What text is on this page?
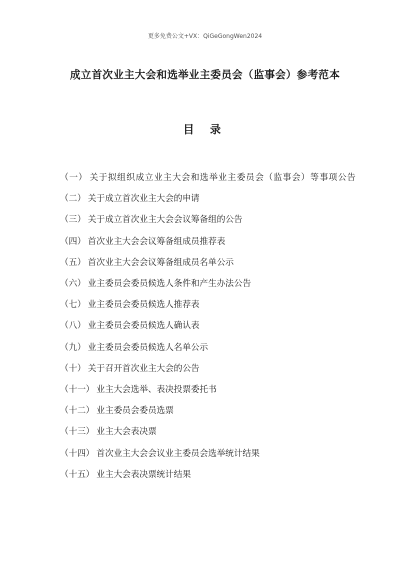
更多免费公文+VX：QiGeGongWen2024
成立首次业主大会和选举业主委员会（监事会）参考范本
目 录
（一） 关于拟组织成立业主大会和选举业主委员会（监事会）等事项公告
（二） 关于成立首次业主大会的申请
（三） 关于成立首次业主大会会议筹备组的公告
（四） 首次业主大会会议筹备组成员推荐表
（五） 首次业主大会会议筹备组成员名单公示
（六） 业主委员会委员候选人条件和产生办法公告
（七） 业主委员会委员候选人推荐表
（八） 业主委员会委员候选人确认表
（九） 业主委员会委员候选人名单公示
（十） 关于召开首次业主大会的公告
（十一） 业主大会选举、表决投票委托书
（十二） 业主委员会委员选票
（十三） 业主大会表决票
（十四） 首次业主大会会议业主委员会选举统计结果
（十五） 业主大会表决票统计结果
